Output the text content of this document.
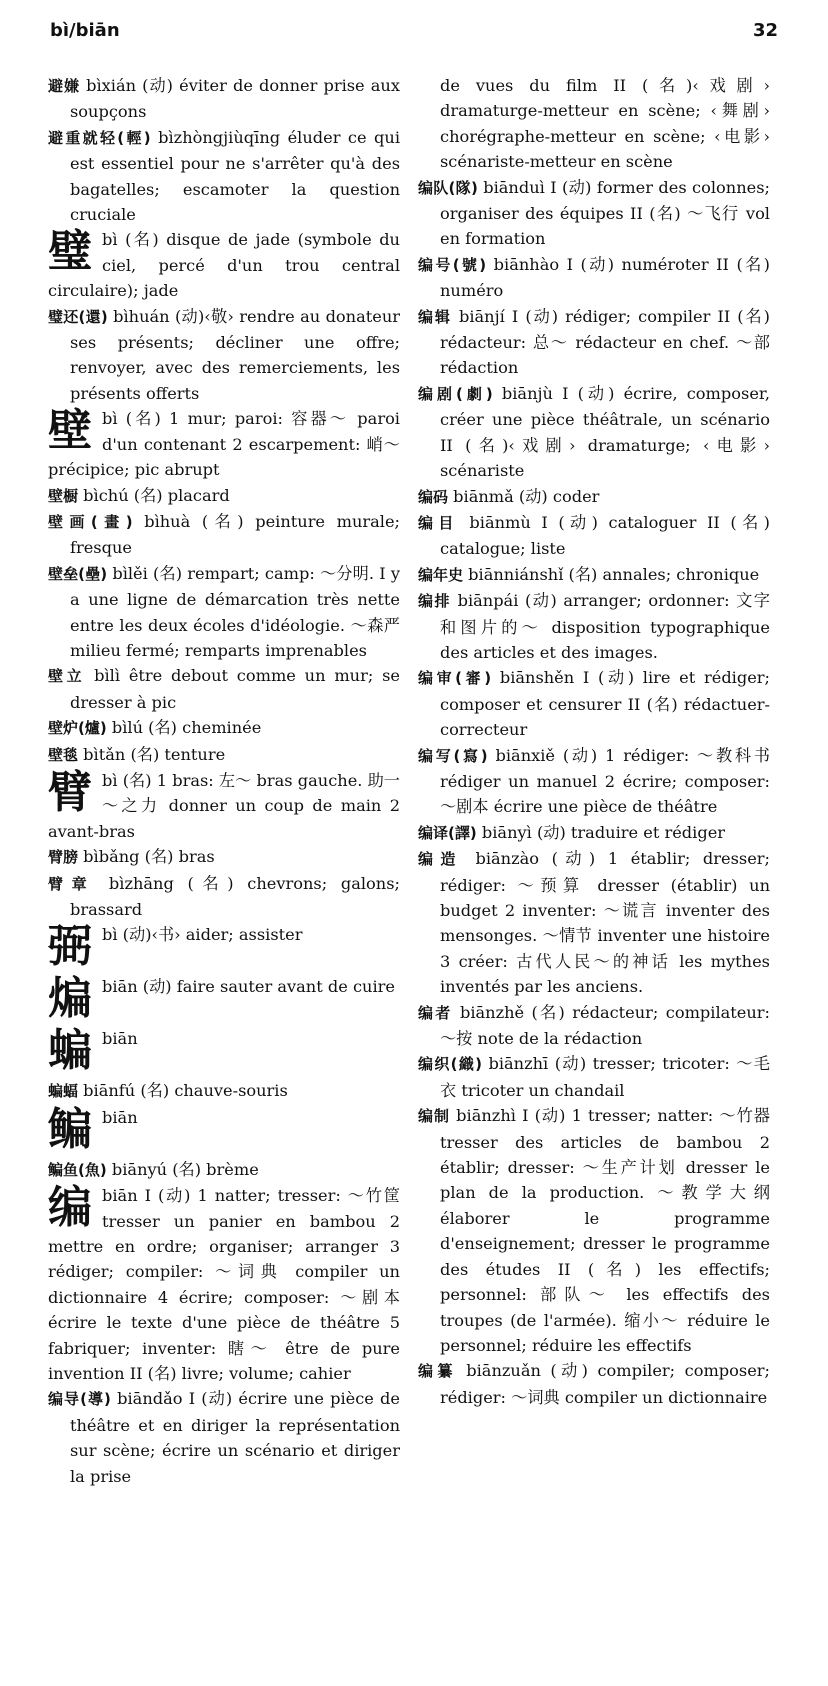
bì/biān	32
避嫌 bìxián (动) éviter de donner prise aux soupçons
避重就轻(輕) bìzhòngjiùqīng éluder ce qui est essentiel pour ne s'arrêter qu'à des bagatelles; escamoter la question cruciale
璧 bì (名) disque de jade (symbole du ciel, percé d'un trou central circulaire); jade
璧还(還) bìhuán (动)‹敬› rendre au donateur ses présents; décliner une offre; renvoyer, avec des remerciements, les présents offerts
壁 bì (名) 1 mur; paroi: 容器～ paroi d'un contenant 2 escarpement: 峭～ précipice; pic abrupt
壁橱 bìchú (名) placard
壁画(畫) bìhuà (名) peinture murale; fresque
壁垒(壘) bìlěi (名) rempart; camp: ～分明. I y a une ligne de démarcation très nette entre les deux écoles d'idéologie. ～森严 milieu fermé; remparts imprenables
壁立 bìlì être debout comme un mur; se dresser à pic
壁炉(爐) bìlú (名) cheminée
壁毯 bìtǎn (名) tenture
臂 bì (名) 1 bras: 左～ bras gauche. 助一～之力 donner un coup de main 2 avant-bras
臂膀 bìbǎng (名) bras
臂章 bìzhāng (名) chevrons; galons; brassard
弼 bì (动)‹书› aider; assister
煸 biān (动) faire sauter avant de cuire
蝙 biān
蝙蝠 biānfú (名) chauve-souris
鳊 biān
鳊鱼(魚) biānyú (名) brème
编 biān I (动) 1 natter; tresser: ～竹筐 tresser un panier en bambou 2 mettre en ordre; organiser; arranger 3 rédiger; compiler: ～词典 compiler un dictionnaire 4 écrire; composer: ～剧本 écrire le texte d'une pièce de théâtre 5 fabriquer; inventer: 瞎～ être de pure invention II (名) livre; volume; cahier
编导(導) biāndǎo I (动) écrire une pièce de théâtre et en diriger la représentation sur scène; écrire un scénario et diriger la prise
de vues du film II (名)‹戏剧› dramaturge-metteur en scène; ‹舞剧› chorégraphe-metteur en scène; ‹电影› scénariste-metteur en scène
编队(隊) biānduì I (动) former des colonnes; organiser des équipes II (名) ～飞行 vol en formation
编号(號) biānhào I (动) numéroter II (名) numéro
编辑 biānjí I (动) rédiger; compiler II (名) rédacteur: 总～ rédacteur en chef. ～部 rédaction
编剧(劇) biānjù I (动) écrire, composer, créer une pièce théâtrale, un scénario II (名)‹戏剧› dramaturge; ‹电影› scénariste
编码 biānmǎ (动) coder
编目 biānmù I (动) cataloguer II (名) catalogue; liste
编年史 biānniánshǐ (名) annales; chronique
编排 biānpái (动) arranger; ordonner: 文字和图片的～ disposition typographique des articles et des images.
编审(審) biānshěn I (动) lire et rédiger; composer et censurer II (名) rédactuer-correcteur
编写(寫) biānxiě (动) 1 rédiger: ～教科书 rédiger un manuel 2 écrire; composer: ～剧本 écrire une pièce de théâtre
编译(譯) biānyì (动) traduire et rédiger
编造 biānzào (动) 1 établir; dresser; rédiger: ～预算 dresser (établir) un budget 2 inventer: ～谎言 inventer des mensonges. ～情节 inventer une histoire 3 créer: 古代人民～的神话 les mythes inventés par les anciens.
编者 biānzhě (名) rédacteur; compilateur: ～按 note de la rédaction
编织(織) biānzhī (动) tresser; tricoter: ～毛衣 tricoter un chandail
编制 biānzhì I (动) 1 tresser; natter: ～竹器 tresser des articles de bambou 2 établir; dresser: ～生产计划 dresser le plan de la production. ～教学大纲 élaborer le programme d'enseignement; dresser le programme des études II (名) les effectifs; personnel: 部队～ les effectifs des troupes (de l'armée). 缩小～ réduire le personnel; réduire les effectifs
编纂 biānzuǎn (动) compiler; composer; rédiger: ～词典 compiler un dictionnaire
